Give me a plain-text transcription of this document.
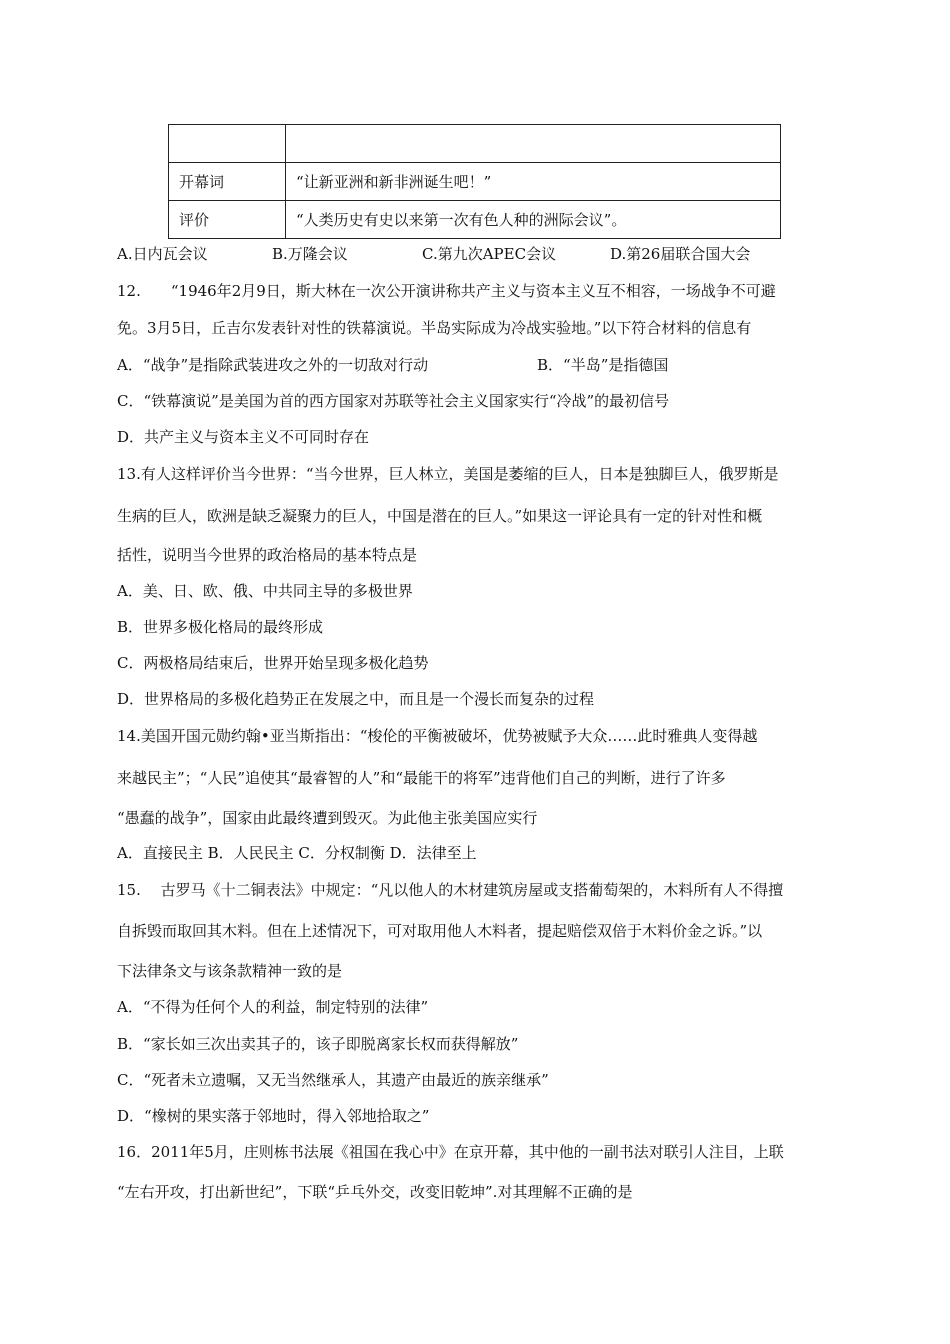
开幕词	“让新亚洲和新非洲诞生吧！”
评价	“人类历史有史以来第一次有色人种的洲际会议”。
A.日内瓦会议	B.万隆会议	C.第九次APEC会议	D.第26届联合国大会
12.　　“1946年2月9日，斯大林在一次公开演讲称共产主义与资本主义互不相容，一场战争不可避
免。3月5日，丘吉尔发表针对性的铁幕演说。半岛实际成为冷战实验地。”以下符合材料的信息有
A．“战争”是指除武装进攻之外的一切敌对行动	B．“半岛”是指德国
C．“铁幕演说”是美国为首的西方国家对苏联等社会主义国家实行“冷战”的最初信号
D．共产主义与资本主义不可同时存在
13.有人这样评价当今世界：“当今世界，巨人林立，美国是萎缩的巨人，日本是独脚巨人，俄罗斯是
生病的巨人，欧洲是缺乏凝聚力的巨人，中国是潜在的巨人。”如果这一评论具有一定的针对性和概
括性，说明当今世界的政治格局的基本特点是
A．美、日、欧、俄、中共同主导的多极世界
B．世界多极化格局的最终形成
C．两极格局结束后，世界开始呈现多极化趋势
D．世界格局的多极化趋势正在发展之中，而且是一个漫长而复杂的过程
14.美国开国元勋约翰•亚当斯指出：“梭伦的平衡被破坏，优势被赋予大众……此时雅典人变得越
来越民主”；“人民”追使其“最睿智的人”和“最能干的将军”违背他们自己的判断，进行了许多
“愚蠢的战争”，国家由此最终遭到毁灭。为此他主张美国应实行
A．直接民主 B．人民民主 C．分权制衡 D．法律至上
15.　 古罗马《十二铜表法》中规定：“凡以他人的木材建筑房屋或支搭葡萄架的，木料所有人不得擅
自拆毁而取回其木料。但在上述情况下，可对取用他人木料者，提起赔偿双倍于木料价金之诉。”以
下法律条文与该条款精神一致的是
A．“不得为任何个人的利益，制定特别的法律”
B．“家长如三次出卖其子的，该子即脱离家长权而获得解放”
C．“死者未立遗嘱，又无当然继承人，其遗产由最近的族亲继承”
D．“橡树的果实落于邻地时，得入邻地拾取之”
16．2011年5月，庄则栋书法展《祖国在我心中》在京开幕，其中他的一副书法对联引人注目，上联
“左右开攻，打出新世纪”，下联“乒乓外交，改变旧乾坤”.对其理解不正确的是
